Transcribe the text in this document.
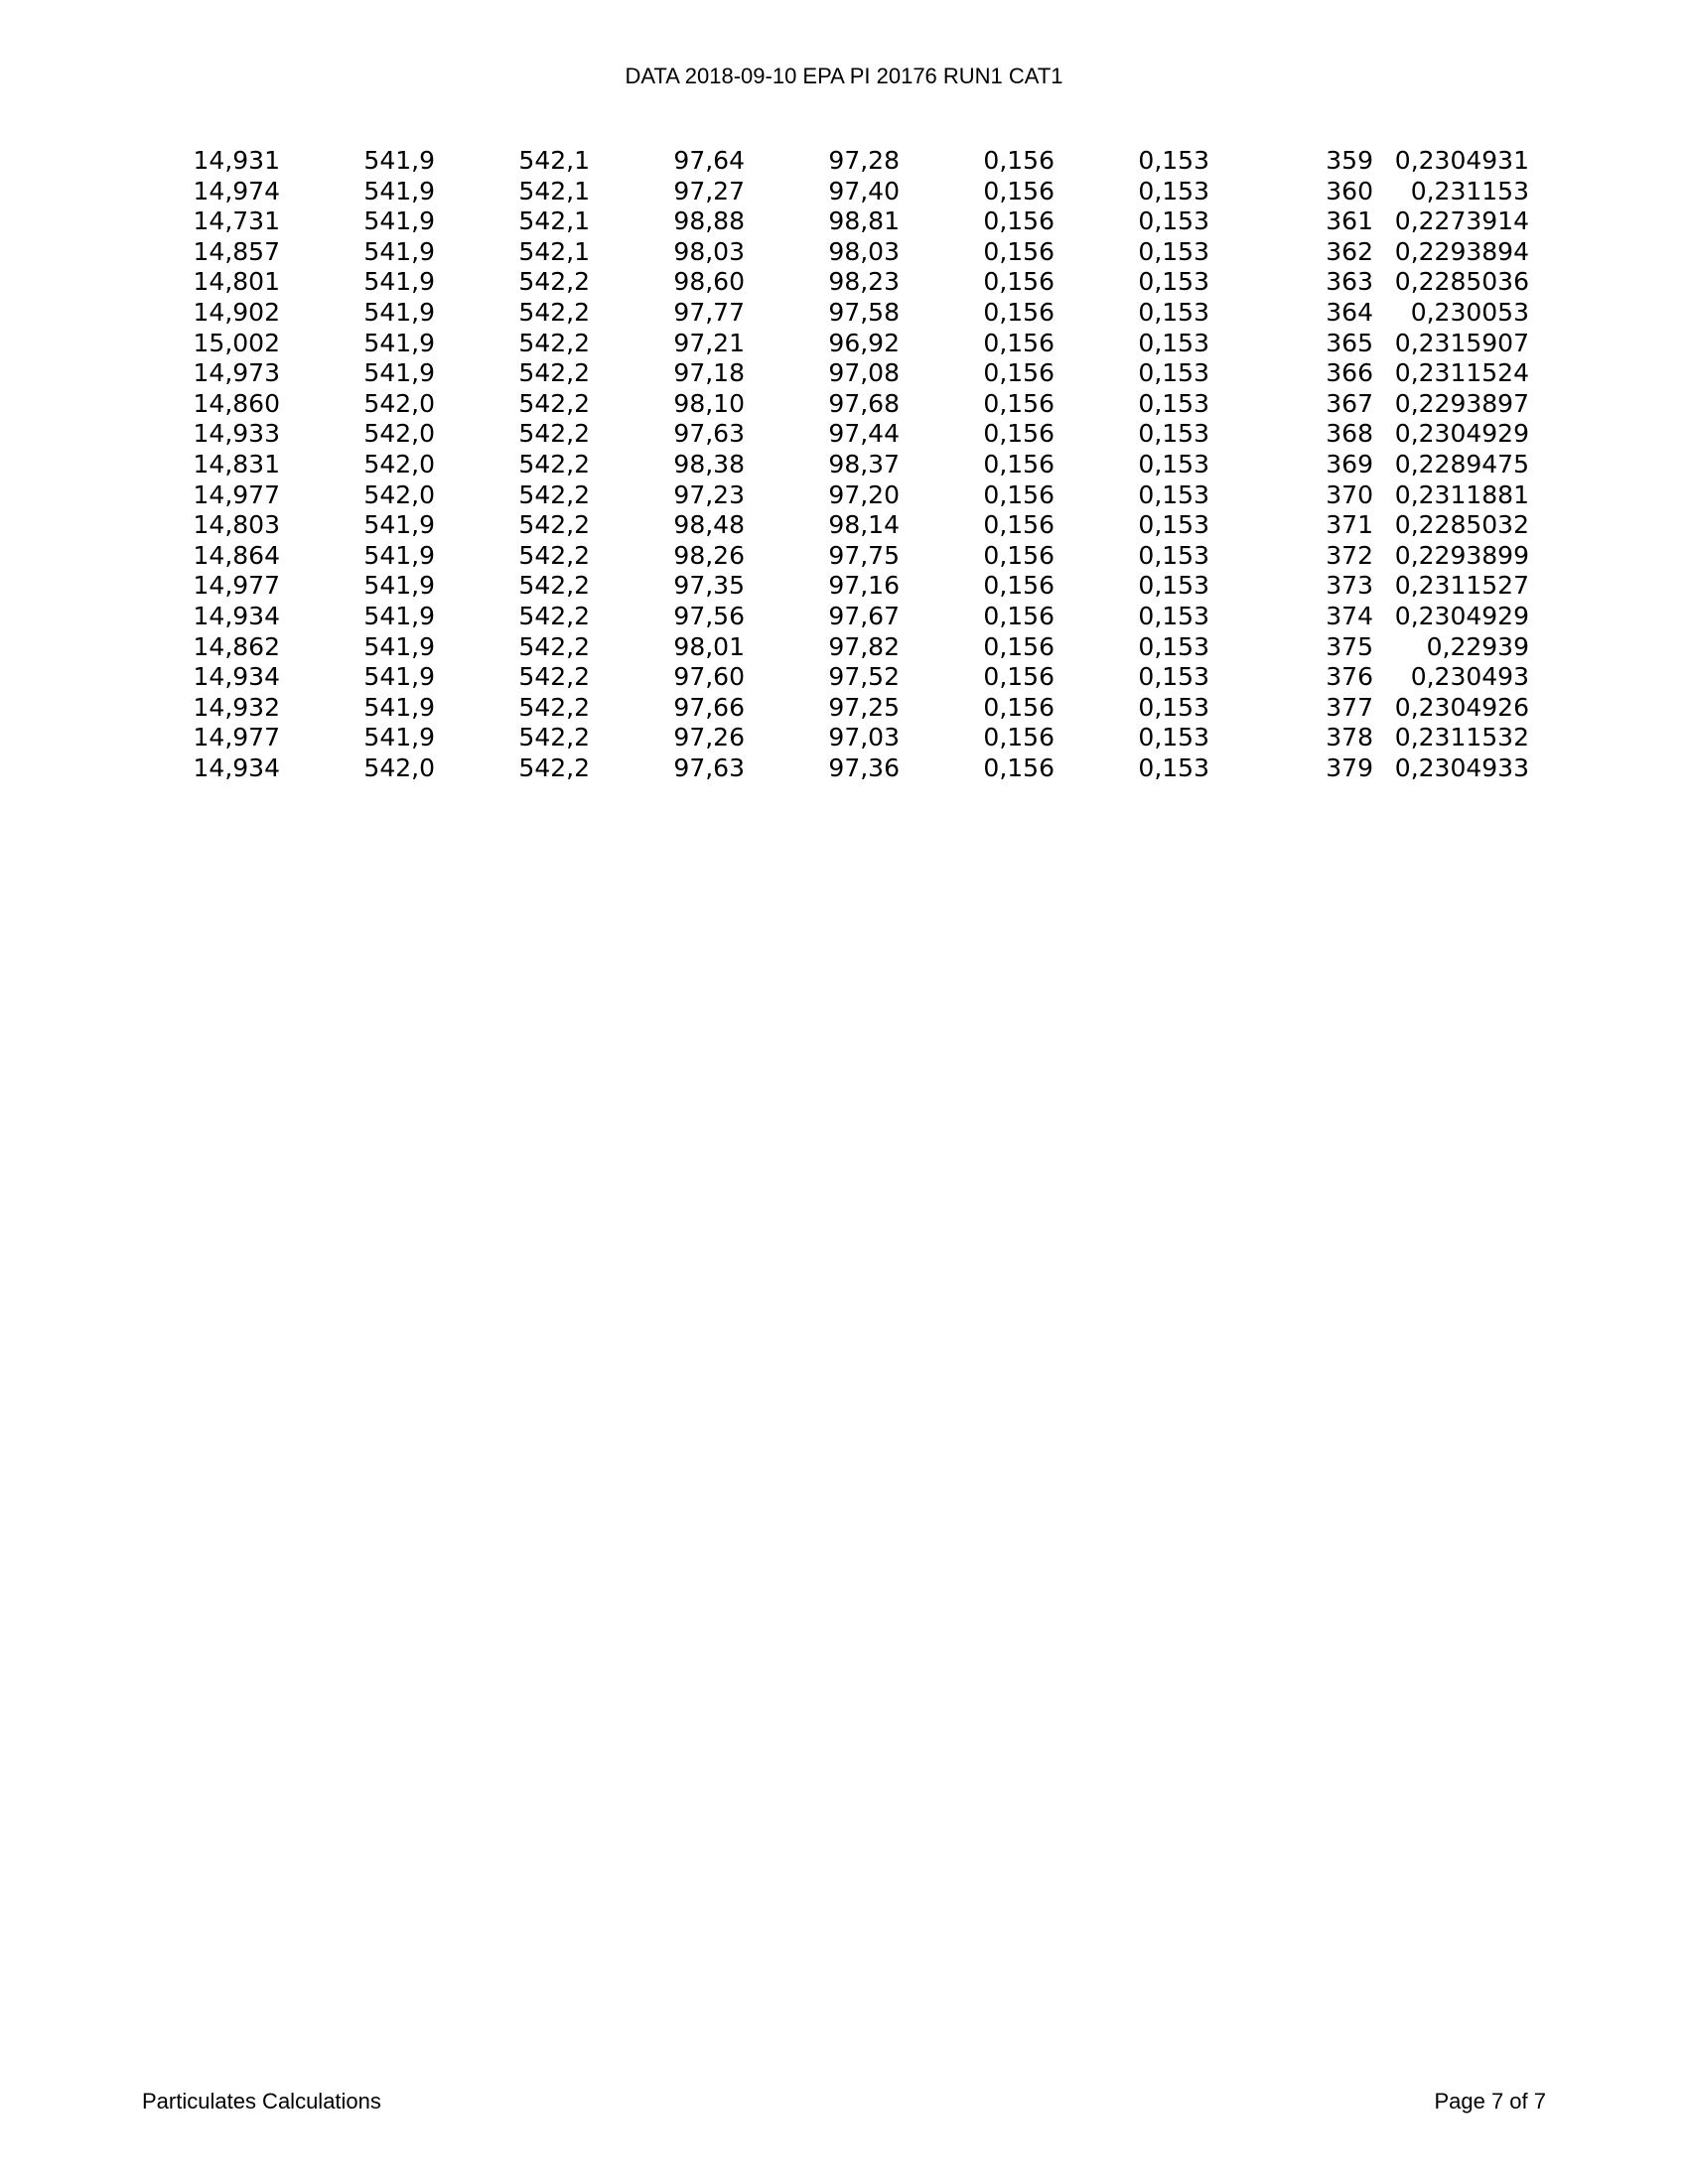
DATA 2018-09-10 EPA PI 20176 RUN1 CAT1
14,931	541,9	542,1	97,64	97,28	0,156	0,153	359	0,2304931
14,974	541,9	542,1	97,27	97,40	0,156	0,153	360	0,231153
14,731	541,9	542,1	98,88	98,81	0,156	0,153	361	0,2273914
14,857	541,9	542,1	98,03	98,03	0,156	0,153	362	0,2293894
14,801	541,9	542,2	98,60	98,23	0,156	0,153	363	0,2285036
14,902	541,9	542,2	97,77	97,58	0,156	0,153	364	0,230053
15,002	541,9	542,2	97,21	96,92	0,156	0,153	365	0,2315907
14,973	541,9	542,2	97,18	97,08	0,156	0,153	366	0,2311524
14,860	542,0	542,2	98,10	97,68	0,156	0,153	367	0,2293897
14,933	542,0	542,2	97,63	97,44	0,156	0,153	368	0,2304929
14,831	542,0	542,2	98,38	98,37	0,156	0,153	369	0,2289475
14,977	542,0	542,2	97,23	97,20	0,156	0,153	370	0,2311881
14,803	541,9	542,2	98,48	98,14	0,156	0,153	371	0,2285032
14,864	541,9	542,2	98,26	97,75	0,156	0,153	372	0,2293899
14,977	541,9	542,2	97,35	97,16	0,156	0,153	373	0,2311527
14,934	541,9	542,2	97,56	97,67	0,156	0,153	374	0,2304929
14,862	541,9	542,2	98,01	97,82	0,156	0,153	375	0,22939
14,934	541,9	542,2	97,60	97,52	0,156	0,153	376	0,230493
14,932	541,9	542,2	97,66	97,25	0,156	0,153	377	0,2304926
14,977	541,9	542,2	97,26	97,03	0,156	0,153	378	0,2311532
14,934	542,0	542,2	97,63	97,36	0,156	0,153	379	0,2304933
Particulates Calculations	Page 7 of 7
